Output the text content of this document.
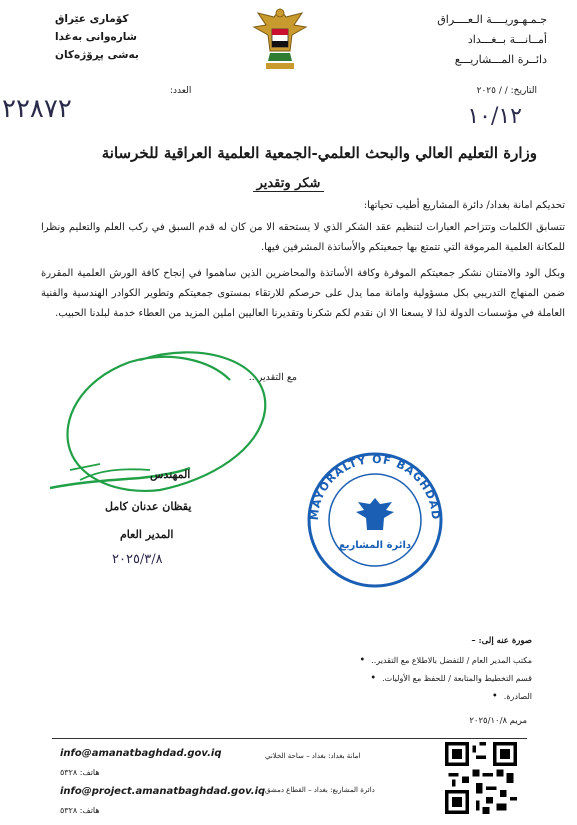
جـمـهـوريــــة الـعــــراق
أمــانـــة بــغـــداد
دائــرة المـــشاريـــع
كۆماری عێراق
شارەوانی بەغدا
بەشی پڕۆژەکان
التاريخ: / / ٢٠٢٥
العدد:
٢٢٨٧٢	١٠/١٢
وزارة التعليم العالي والبحث العلمي-الجمعية العلمية العراقية للخرسانة
شكر وتقدير
تحديكم امانة بغداد/ دائرة المشاريع أطيب تحياتها:

تتسابق الكلمات وتتزاحم العبارات لتنظيم عقد الشكر الذي لا يستحقه الا من كان له قدم السبق في ركب العلم والتعليم ونظرا للمكانة العلمية المرموقة التي تتمتع بها جمعيتكم والأساتذة المشرفين فيها.

وبكل الود والامتنان نشكر جمعيتكم الموقرة وكافة الأساتذة والمحاضرين الذين ساهموا في إنجاح كافة الورش العلمية المقررة ضمن المنهاج التدريبي بكل مسؤولية وامانة مما يدل على حرصكم للارتقاء بمستوى جمعيتكم وتطوير الكوادر الهندسية والفنية العاملة في مؤسسات الدولة لذا لا يسعنا الا ان نقدم لكم شكرنا وتقديرنا العاليين املين المزيد من العطاء خدمة لبلدنا الحبيب.

مع التقدير...
المهندس
يقظان عدنان كامل
المدير العام
٢٠٢٥/٣/٨
MAYORALTY OF BAGHDAD
دائرة المشاريع
صورة عنه إلى: –
مكتب المدير العام / للتفضل بالاطلاع مع التقدير.. •
قسم التخطيط والمتابعة / للحفظ مع الأوليات. •
الصادرة. •
مريم ٢٠٢٥/١٠/٨
info@amanatbaghdad.gov.iq
هاتف: ٥٣٢٨
info@project.amanatbaghdad.gov.iq
هاتف: ٥٣٢٨
امانة بغداد: بغداد – ساحة الخلاني
دائرة المشاريع: بغداد – القطاع دمشق
